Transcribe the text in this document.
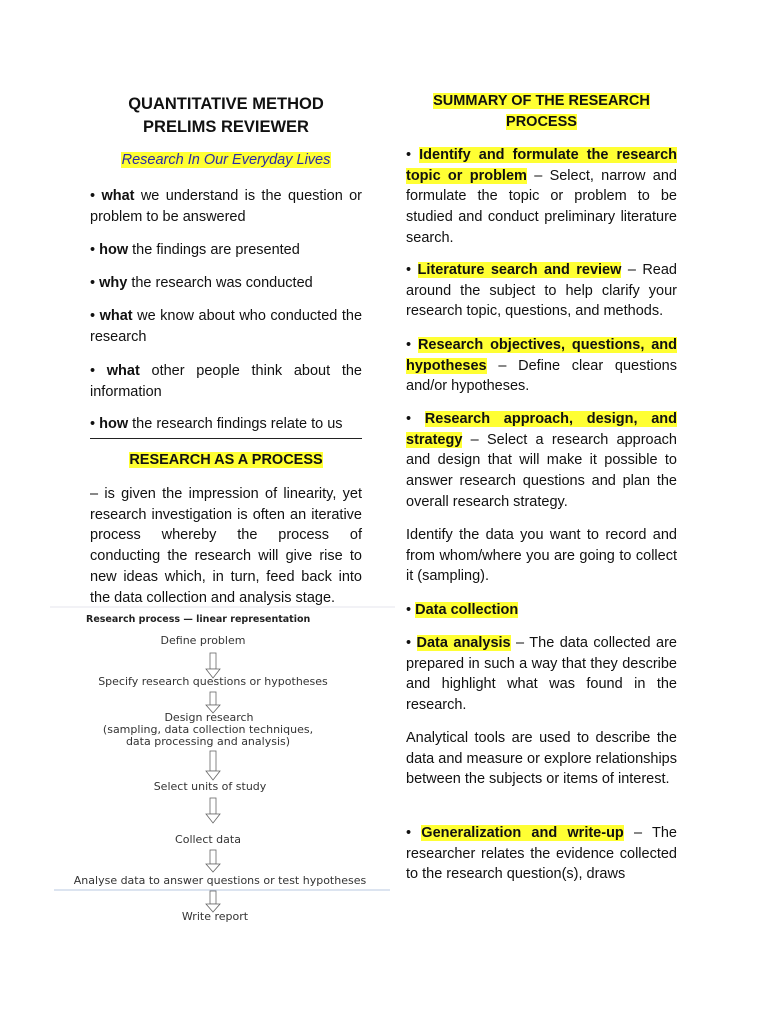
QUANTITATIVE METHOD
PRELIMS REVIEWER
Research In Our Everyday Lives

• what we understand is the question or problem to be answered

• how the findings are presented

• why the research was conducted

• what we know about who conducted the research

• what other people think about the information

• how the research findings relate to us

RESEARCH AS A PROCESS

– is given the impression of linearity, yet research investigation is often an iterative process whereby the process of conducting the research will give rise to new ideas which, in turn, feed back into the data collection and analysis stage.

Research process — linear representation
Define problem
Specify research questions or hypotheses
Design research
(sampling, data collection techniques,
data processing and analysis)
Select units of study
Collect data
Analyse data to answer questions or test hypotheses
Write report
SUMMARY OF THE RESEARCH
PROCESS

• Identify and formulate the research topic or problem – Select, narrow and formulate the topic or problem to be studied and conduct preliminary literature search.

• Literature search and review – Read around the subject to help clarify your research topic, questions, and methods.

• Research objectives, questions, and hypotheses – Define clear questions and/or hypotheses.

• Research approach, design, and strategy – Select a research approach and design that will make it possible to answer research questions and plan the overall research strategy.

Identify the data you want to record and from whom/where you are going to collect it (sampling).

• Data collection

• Data analysis – The data collected are prepared in such a way that they describe and highlight what was found in the research.

Analytical tools are used to describe the data and measure or explore relationships between the subjects or items of interest.

• Generalization and write-up – The researcher relates the evidence collected to the research question(s), draws
